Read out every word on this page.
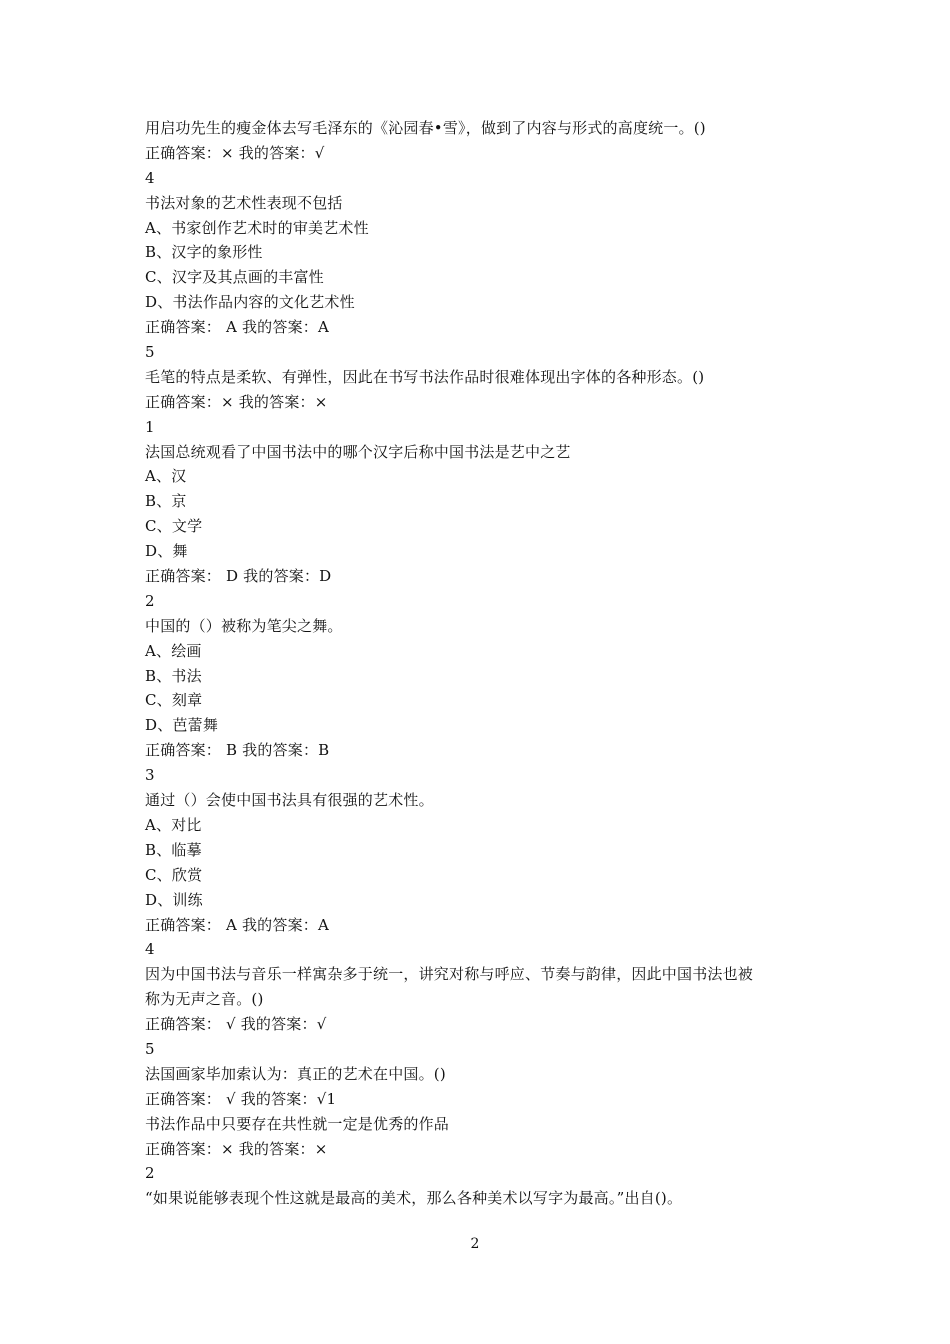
用启功先生的瘦金体去写毛泽东的《沁园春•雪》，做到了内容与形式的高度统一。()
正确答案：× 我的答案：√
4
书法对象的艺术性表现不包括
A、书家创作艺术时的审美艺术性
B、汉字的象形性
C、汉字及其点画的丰富性
D、书法作品内容的文化艺术性
正确答案： A 我的答案：A
5
毛笔的特点是柔软、有弹性，因此在书写书法作品时很难体现出字体的各种形态。()
正确答案：× 我的答案：×
1
法国总统观看了中国书法中的哪个汉字后称中国书法是艺中之艺
A、汉
B、京
C、文学
D、舞
正确答案： D 我的答案：D
2
中国的（）被称为笔尖之舞。
A、绘画
B、书法
C、刻章
D、芭蕾舞
正确答案： B 我的答案：B
3
通过（）会使中国书法具有很强的艺术性。
A、对比
B、临摹
C、欣赏
D、训练
正确答案： A 我的答案：A
4
因为中国书法与音乐一样寓杂多于统一，讲究对称与呼应、节奏与韵律，因此中国书法也被
称为无声之音。()
正确答案： √ 我的答案：√
5
法国画家毕加索认为：真正的艺术在中国。()
正确答案： √ 我的答案：√1
书法作品中只要存在共性就一定是优秀的作品
正确答案：× 我的答案：×
2
“如果说能够表现个性这就是最高的美术，那么各种美术以写字为最高。”出自()。
2
